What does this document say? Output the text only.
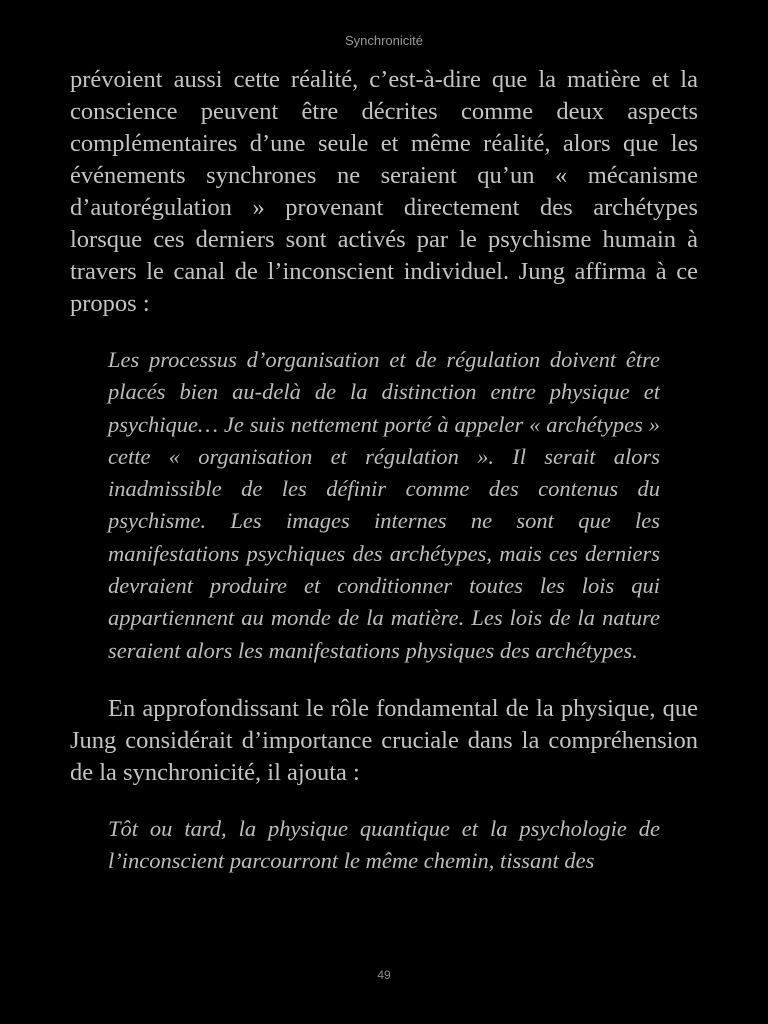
Synchronicité

prévoient aussi cette réalité, c’est-à-dire que la matière et la conscience peuvent être décrites comme deux aspects complémentaires d’une seule et même réalité, alors que les événements synchrones ne seraient qu’un « mécanisme d’autorégulation » provenant directement des archétypes lorsque ces derniers sont activés par le psychisme humain à travers le canal de l’inconscient individuel. Jung affirma à ce propos :

Les processus d’organisation et de régulation doivent être placés bien au-delà de la distinction entre physique et psychique… Je suis nettement porté à appeler « archétypes » cette « organisation et régulation ». Il serait alors inadmissible de les définir comme des contenus du psychisme. Les images internes ne sont que les manifestations psychiques des archétypes, mais ces derniers devraient produire et conditionner toutes les lois qui appartiennent au monde de la matière. Les lois de la nature seraient alors les manifestations physiques des archétypes.

En approfondissant le rôle fondamental de la physique, que Jung considérait d’importance cruciale dans la compréhension de la synchronicité, il ajouta :

Tôt ou tard, la physique quantique et la psychologie de l’inconscient parcourront le même chemin, tissant des

49
